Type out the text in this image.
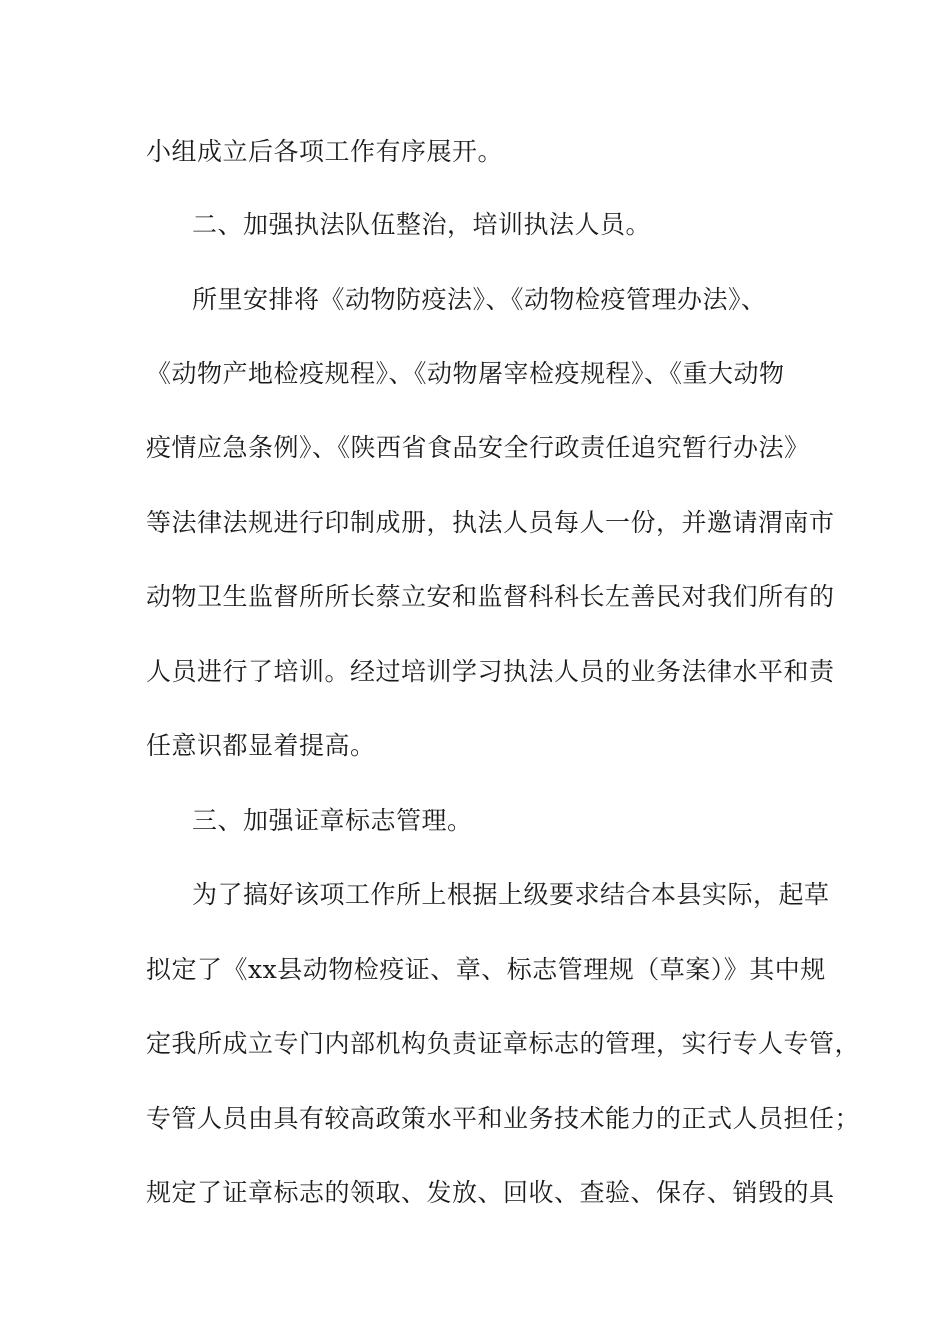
小组成立后各项工作有序展开。
二、加强执法队伍整治，培训执法人员。
所里安排将《动物防疫法》、《动物检疫管理办法》、
《动物产地检疫规程》、《动物屠宰检疫规程》、《重大动物
疫情应急条例》、《陕西省食品安全行政责任追究暂行办法》
等法律法规进行印制成册，执法人员每人一份，并邀请渭南市
动物卫生监督所所长蔡立安和监督科科长左善民对我们所有的
人员进行了培训。经过培训学习执法人员的业务法律水平和责
任意识都显着提高。
三、加强证章标志管理。
为了搞好该项工作所上根据上级要求结合本县实际，起草
拟定了《xx县动物检疫证、章、标志管理规（草案）》其中规
定我所成立专门内部机构负责证章标志的管理，实行专人专管，
专管人员由具有较高政策水平和业务技术能力的正式人员担任；
规定了证章标志的领取、发放、回收、查验、保存、销毁的具
